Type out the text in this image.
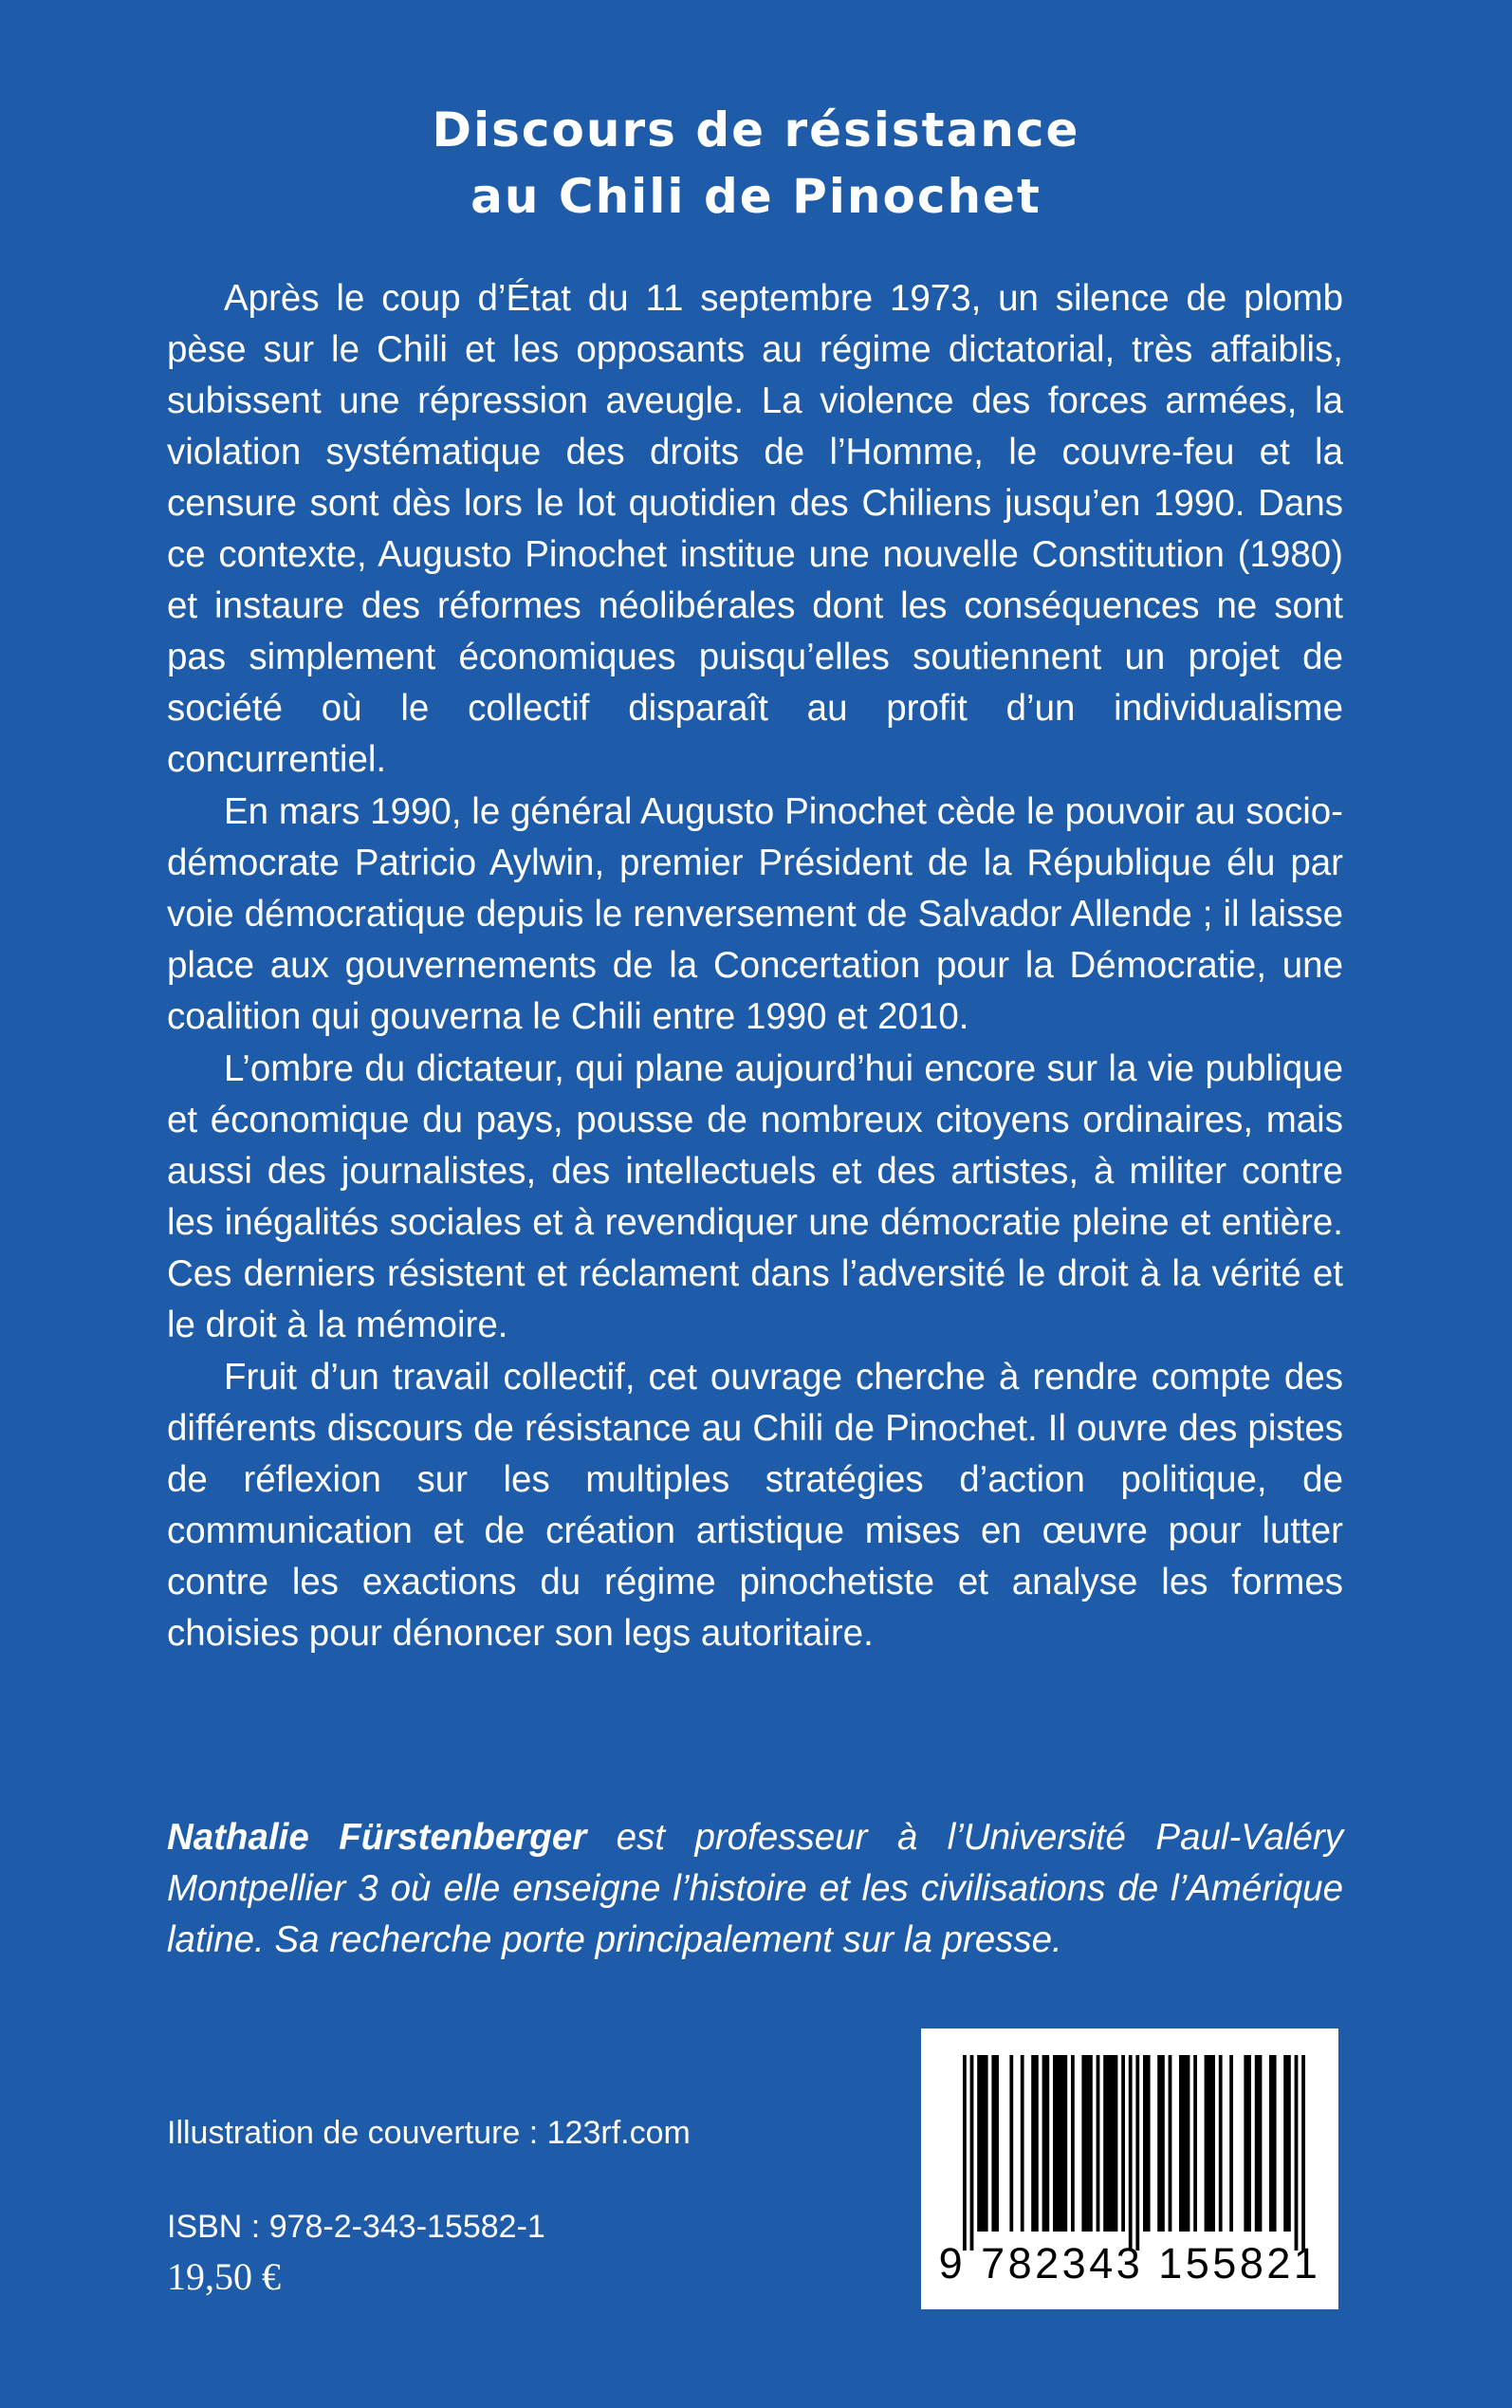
Discours de résistance
au Chili de Pinochet

Après le coup d’État du 11 septembre 1973, un silence de plomb pèse sur le Chili et les opposants au régime dictatorial, très affaiblis, subissent une répression aveugle. La violence des forces armées, la violation systématique des droits de l’Homme, le couvre-feu et la censure sont dès lors le lot quotidien des Chiliens jusqu’en 1990. Dans ce contexte, Augusto Pinochet institue une nouvelle Constitution (1980) et instaure des réformes néolibérales dont les conséquences ne sont pas simplement économiques puisqu’elles soutiennent un projet de société où le collectif disparaît au profit d’un individualisme concurrentiel.

En mars 1990, le général Augusto Pinochet cède le pouvoir au socio-démocrate Patricio Aylwin, premier Président de la République élu par voie démocratique depuis le renversement de Salvador Allende ; il laisse place aux gouvernements de la Concertation pour la Démocratie, une coalition qui gouverna le Chili entre 1990 et 2010.

L’ombre du dictateur, qui plane aujourd’hui encore sur la vie publique et économique du pays, pousse de nombreux citoyens ordinaires, mais aussi des journalistes, des intellectuels et des artistes, à militer contre les inégalités sociales et à revendiquer une démocratie pleine et entière. Ces derniers résistent et réclament dans l’adversité le droit à la vérité et le droit à la mémoire.

Fruit d’un travail collectif, cet ouvrage cherche à rendre compte des différents discours de résistance au Chili de Pinochet. Il ouvre des pistes de réflexion sur les multiples stratégies d’action politique, de communication et de création artistique mises en œuvre pour lutter contre les exactions du régime pinochetiste et analyse les formes choisies pour dénoncer son legs autoritaire.

Nathalie Fürstenberger est professeur à l’Université Paul-Valéry Montpellier 3 où elle enseigne l’histoire et les civilisations de l’Amérique latine. Sa recherche porte principalement sur la presse.

Illustration de couverture : 123rf.com

ISBN : 978-2-343-15582-1

19,50 €	9 782343 155821
